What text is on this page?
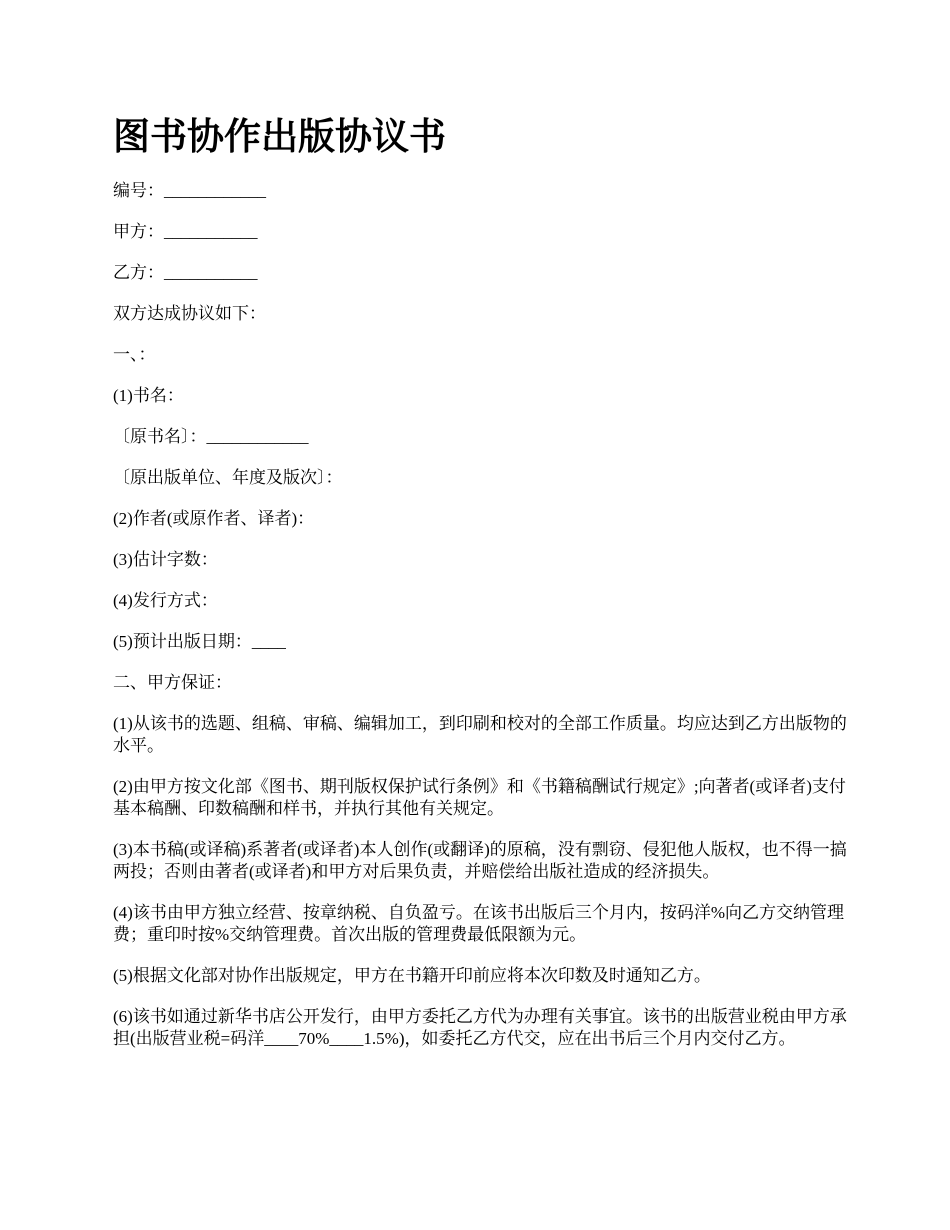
图书协作出版协议书

编号：____________

甲方：___________

乙方：___________

双方达成协议如下：

一、：

(1)书名：

〔原书名〕：____________

〔原出版单位、年度及版次〕：

(2)作者(或原作者、译者)：

(3)估计字数：

(4)发行方式：

(5)预计出版日期：____

二、甲方保证：

(1)从该书的选题、组稿、审稿、编辑加工，到印刷和校对的全部工作质量。均应达到乙方出版物的水平。

(2)由甲方按文化部《图书、期刊版权保护试行条例》和《书籍稿酬试行规定》;向著者(或译者)支付基本稿酬、印数稿酬和样书，并执行其他有关规定。

(3)本书稿(或译稿)系著者(或译者)本人创作(或翻译)的原稿，没有剽窃、侵犯他人版权，也不得一搞两投；否则由著者(或译者)和甲方对后果负责，并赔偿给出版社造成的经济损失。

(4)该书由甲方独立经营、按章纳税、自负盈亏。在该书出版后三个月内，按码洋%向乙方交纳管理费；重印时按%交纳管理费。首次出版的管理费最低限额为元。

(5)根据文化部对协作出版规定，甲方在书籍开印前应将本次印数及时通知乙方。

(6)该书如通过新华书店公开发行，由甲方委托乙方代为办理有关事宜。该书的出版营业税由甲方承担(出版营业税=码洋____70%____1.5%)，如委托乙方代交，应在出书后三个月内交付乙方。
